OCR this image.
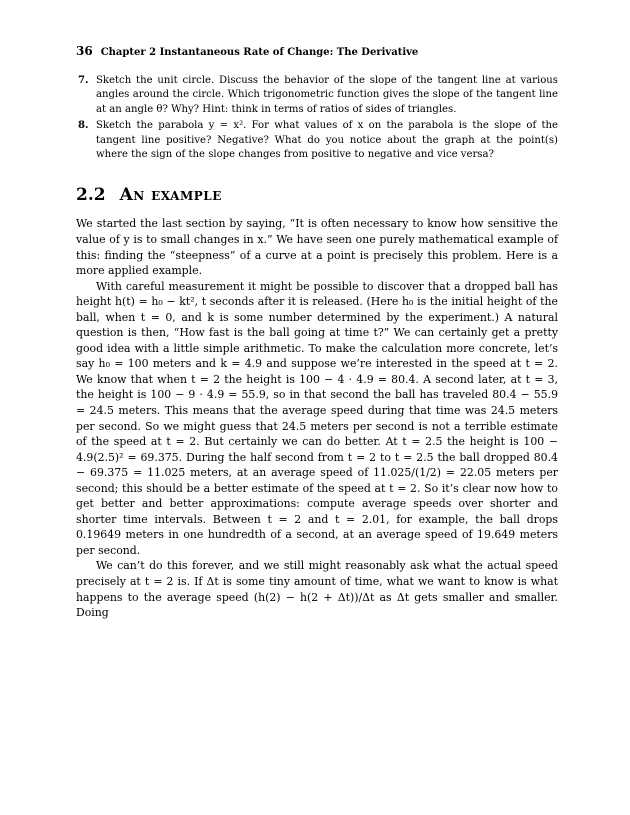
36 Chapter 2 Instantaneous Rate of Change: The Derivative
7. Sketch the unit circle. Discuss the behavior of the slope of the tangent line at various angles around the circle. Which trigonometric function gives the slope of the tangent line at an angle θ? Why? Hint: think in terms of ratios of sides of triangles.
8. Sketch the parabola y = x². For what values of x on the parabola is the slope of the tangent line positive? Negative? What do you notice about the graph at the point(s) where the sign of the slope changes from positive to negative and vice versa?
2.2 An example

We started the last section by saying, “It is often necessary to know how sensitive the value of y is to small changes in x.” We have seen one purely mathematical example of this: finding the “steepness” of a curve at a point is precisely this problem. Here is a more applied example.

With careful measurement it might be possible to discover that a dropped ball has height h(t) = h₀ − kt², t seconds after it is released. (Here h₀ is the initial height of the ball, when t = 0, and k is some number determined by the experiment.) A natural question is then, “How fast is the ball going at time t?” We can certainly get a pretty good idea with a little simple arithmetic. To make the calculation more concrete, let’s say h₀ = 100 meters and k = 4.9 and suppose we’re interested in the speed at t = 2. We know that when t = 2 the height is 100 − 4 · 4.9 = 80.4. A second later, at t = 3, the height is 100 − 9 · 4.9 = 55.9, so in that second the ball has traveled 80.4 − 55.9 = 24.5 meters. This means that the average speed during that time was 24.5 meters per second. So we might guess that 24.5 meters per second is not a terrible estimate of the speed at t = 2. But certainly we can do better. At t = 2.5 the height is 100 − 4.9(2.5)² = 69.375. During the half second from t = 2 to t = 2.5 the ball dropped 80.4 − 69.375 = 11.025 meters, at an average speed of 11.025/(1/2) = 22.05 meters per second; this should be a better estimate of the speed at t = 2. So it’s clear now how to get better and better approximations: compute average speeds over shorter and shorter time intervals. Between t = 2 and t = 2.01, for example, the ball drops 0.19649 meters in one hundredth of a second, at an average speed of 19.649 meters per second.

We can’t do this forever, and we still might reasonably ask what the actual speed precisely at t = 2 is. If Δt is some tiny amount of time, what we want to know is what happens to the average speed (h(2) − h(2 + Δt))/Δt as Δt gets smaller and smaller. Doing
